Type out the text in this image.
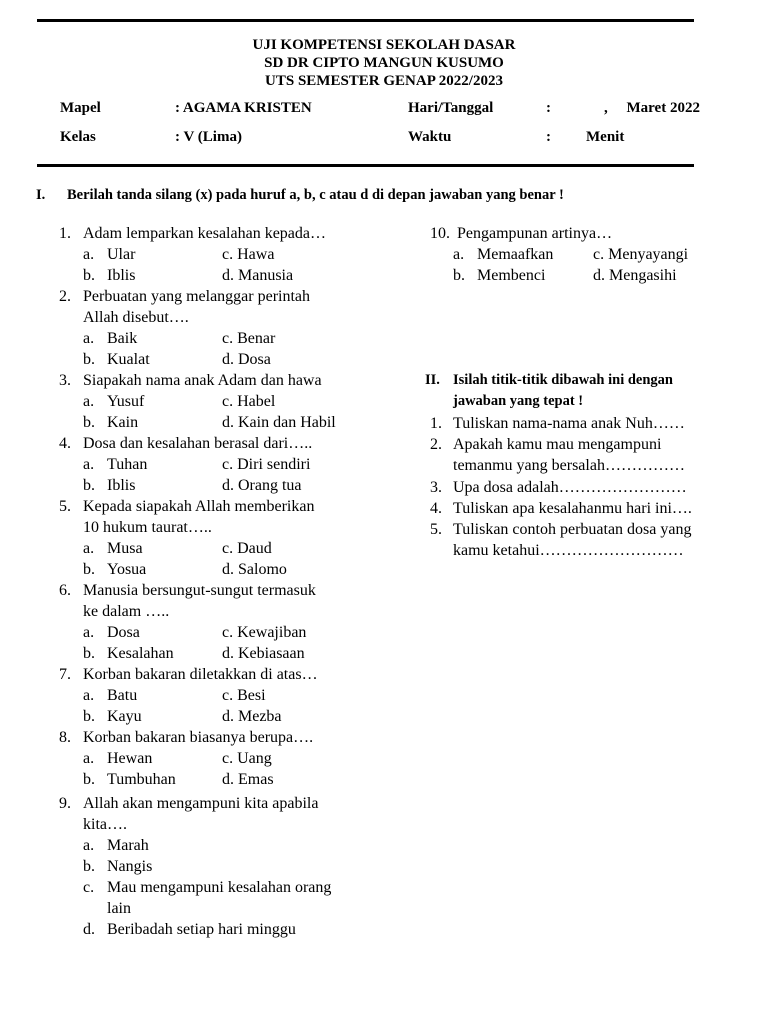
UJI KOMPETENSI SEKOLAH DASAR
SD DR CIPTO MANGUN KUSUMO
UTS SEMESTER GENAP 2022/2023
Mapel	: AGAMA KRISTEN	Hari/Tanggal	:	,     Maret 2022
Kelas	: V (Lima)	Waktu	: Menit
I. Berilah tanda silang (x) pada huruf a, b, c atau d di depan jawaban yang benar !
1. Adam lemparkan kesalahan kepada…
a. Ular	c. Hawa
b. Iblis	d. Manusia
2. Perbuatan yang melanggar perintah
Allah disebut….
a. Baik	c. Benar
b. Kualat	d. Dosa
3. Siapakah nama anak Adam dan hawa
a. Yusuf	c. Habel
b. Kain	d. Kain dan Habil
4. Dosa dan kesalahan berasal dari…..
a. Tuhan	c. Diri sendiri
b. Iblis	d. Orang tua
5. Kepada siapakah Allah memberikan
10 hukum taurat…..
a. Musa	c. Daud
b. Yosua	d. Salomo
6. Manusia bersungut-sungut termasuk
ke dalam …..
a. Dosa	c. Kewajiban
b. Kesalahan	d. Kebiasaan
7. Korban bakaran diletakkan di atas…
a. Batu	c. Besi
b. Kayu	d. Mezba
8. Korban bakaran biasanya berupa….
a. Hewan	c. Uang
b. Tumbuhan	d. Emas
9. Allah akan mengampuni kita apabila
kita….
a. Marah
b. Nangis
c. Mau mengampuni kesalahan orang
lain
d. Beribadah setiap hari minggu
10. Pengampunan artinya…
a. Memaafkan c. Menyayangi
b. Membenci	d. Mengasihi
II. Isilah titik-titik dibawah ini dengan
jawaban yang tepat !
1. Tuliskan nama-nama anak Nuh……
2. Apakah kamu mau mengampuni
temanmu yang bersalah……………
3. Upa dosa adalah……………………
4. Tuliskan apa kesalahanmu hari ini….
5. Tuliskan contoh perbuatan dosa yang
kamu ketahui………………………
